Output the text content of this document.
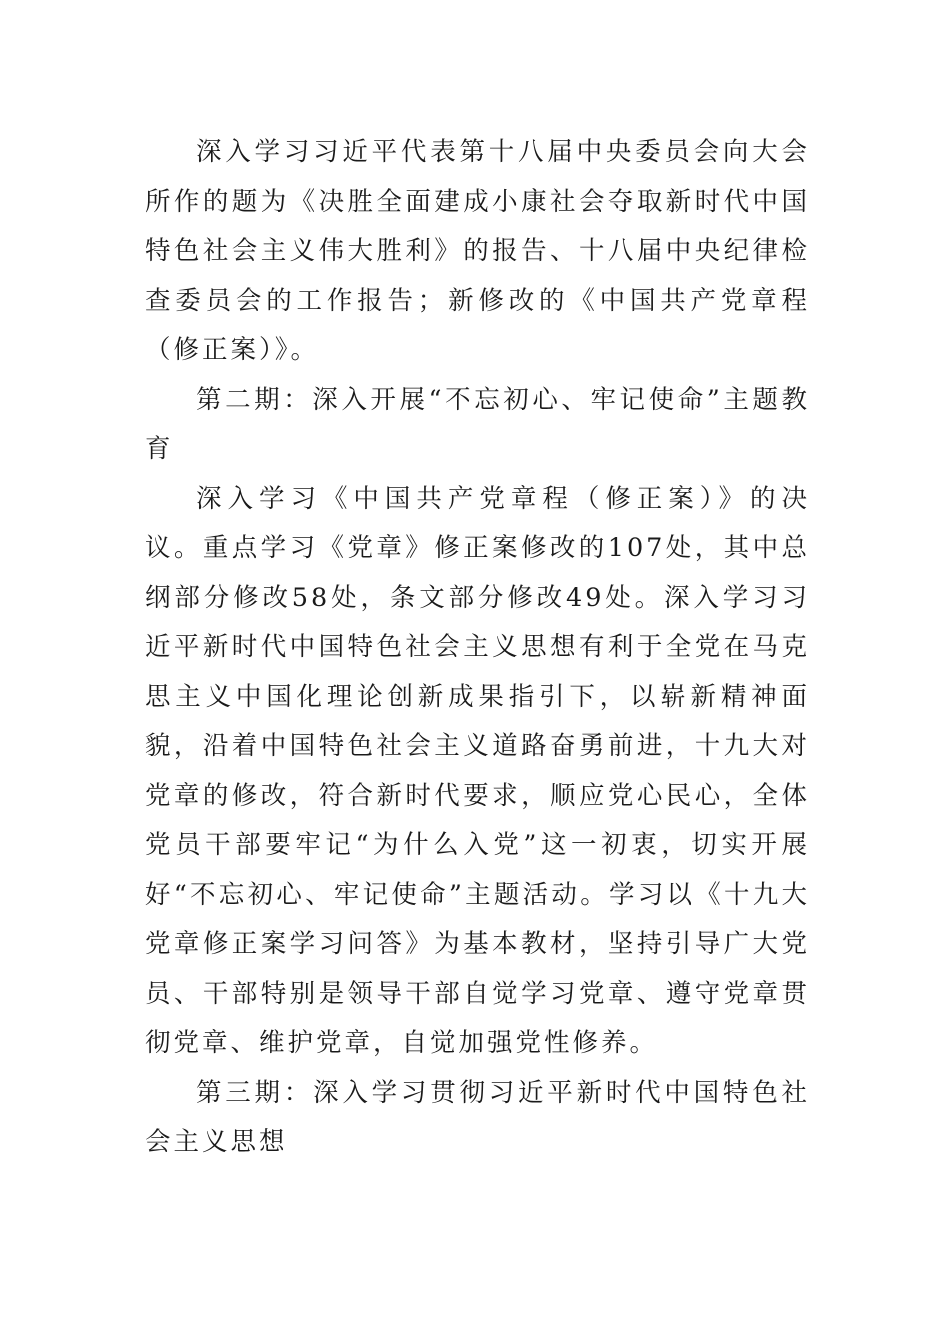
深入学习习近平代表第十八届中央委员会向大会所作的题为《决胜全面建成小康社会夺取新时代中国特色社会主义伟大胜利》的报告、十八届中央纪律检查委员会的工作报告；新修改的《中国共产党章程（修正案）》。

第二期：深入开展“不忘初心、牢记使命”主题教育

深入学习《中国共产党章程（修正案）》的决议。重点学习《党章》修正案修改的107处，其中总纲部分修改58处，条文部分修改49处。深入学习习近平新时代中国特色社会主义思想有利于全党在马克思主义中国化理论创新成果指引下，以崭新精神面貌，沿着中国特色社会主义道路奋勇前进，十九大对党章的修改，符合新时代要求，顺应党心民心，全体党员干部要牢记“为什么入党”这一初衷，切实开展好“不忘初心、牢记使命”主题活动。学习以《十九大党章修正案学习问答》为基本教材，坚持引导广大党员、干部特别是领导干部自觉学习党章、遵守党章贯彻党章、维护党章，自觉加强党性修养。

第三期：深入学习贯彻习近平新时代中国特色社会主义思想
